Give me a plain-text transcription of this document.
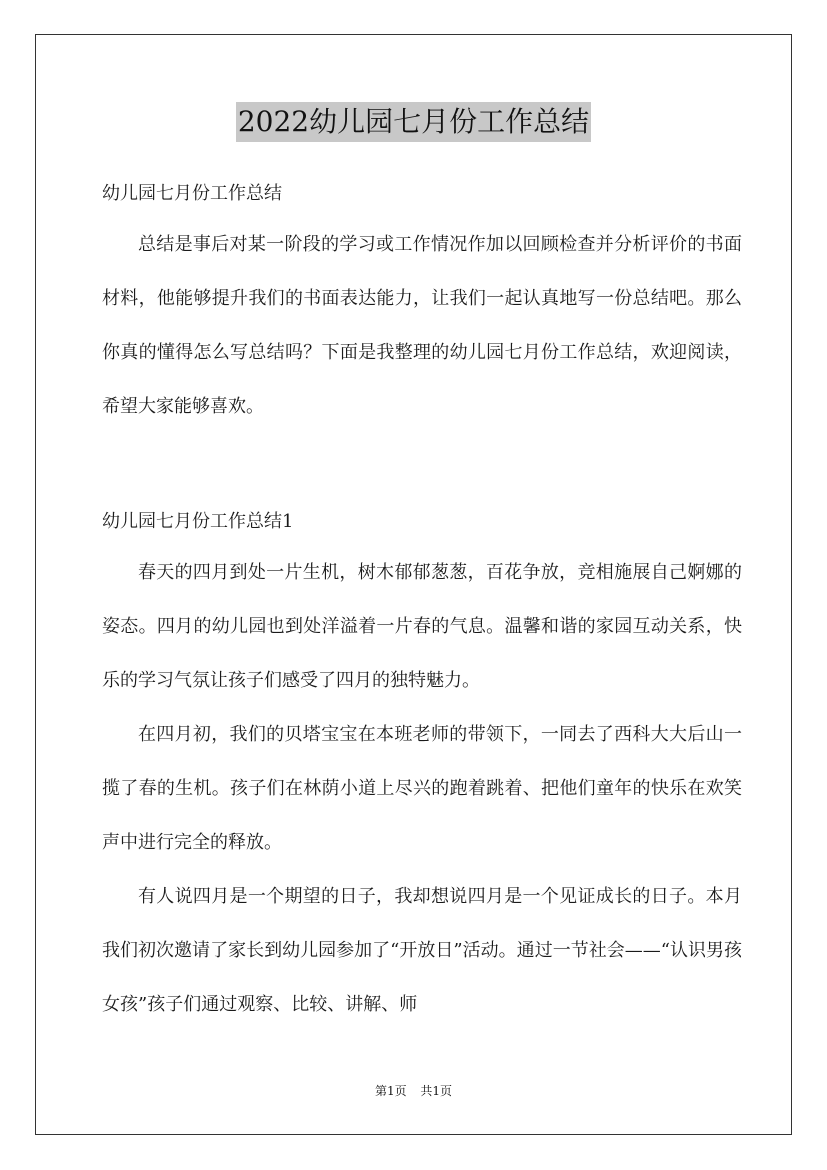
2022幼儿园七月份工作总结

幼儿园七月份工作总结

总结是事后对某一阶段的学习或工作情况作加以回顾检查并分析评价的书面材料，他能够提升我们的书面表达能力，让我们一起认真地写一份总结吧。那么你真的懂得怎么写总结吗？下面是我整理的幼儿园七月份工作总结，欢迎阅读，希望大家能够喜欢。

幼儿园七月份工作总结1

春天的四月到处一片生机，树木郁郁葱葱，百花争放，竞相施展自己婀娜的姿态。四月的幼儿园也到处洋溢着一片春的气息。温馨和谐的家园互动关系，快乐的学习气氛让孩子们感受了四月的独特魅力。

在四月初，我们的贝塔宝宝在本班老师的带领下，一同去了西科大大后山一揽了春的生机。孩子们在林荫小道上尽兴的跑着跳着、把他们童年的快乐在欢笑声中进行完全的释放。

有人说四月是一个期望的日子，我却想说四月是一个见证成长的日子。本月我们初次邀请了家长到幼儿园参加了“开放日”活动。通过一节社会——“认识男孩女孩”孩子们通过观察、比较、讲解、师

第1页 共1页
